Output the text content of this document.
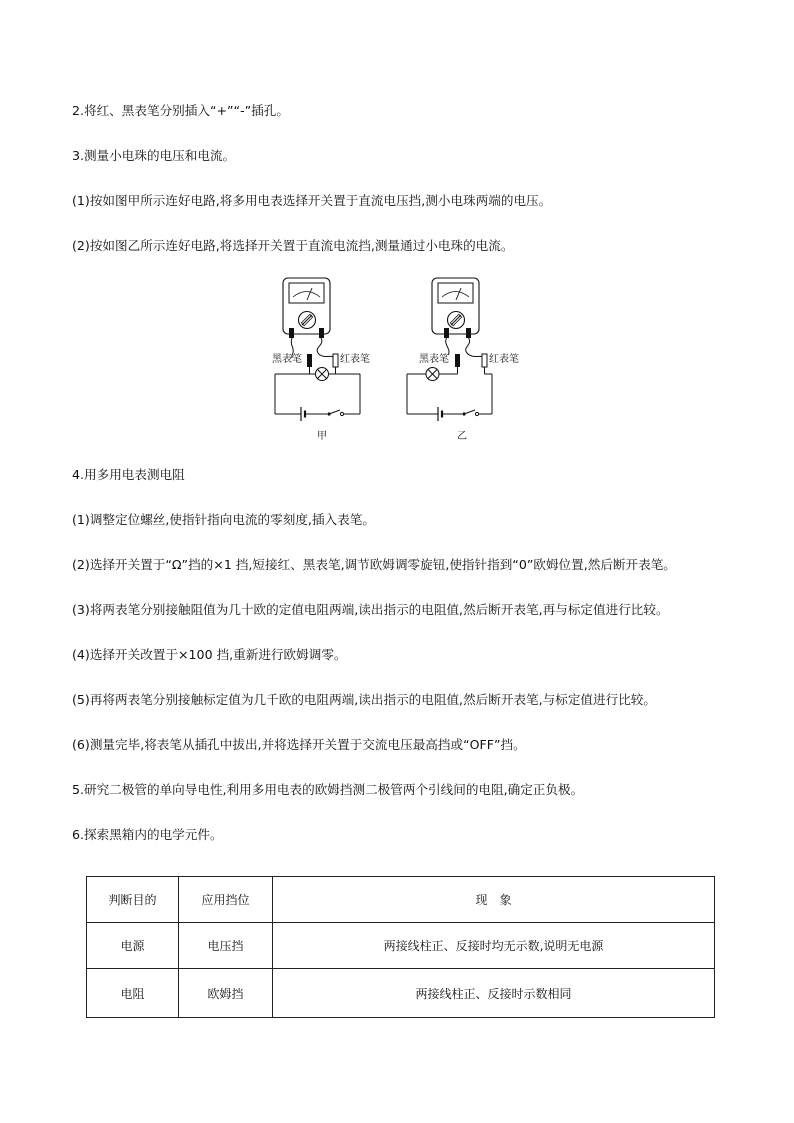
2.将红、黑表笔分别插入“+”“-”插孔。
3.测量小电珠的电压和电流。
(1)按如图甲所示连好电路,将多用电表选择开关置于直流电压挡,测小电珠两端的电压。
(2)按如图乙所示连好电路,将选择开关置于直流电流挡,测量通过小电珠的电流。
黑表笔	红表笔	黑表笔	红表笔
甲	乙
4.用多用电表测电阻
(1)调整定位螺丝,使指针指向电流的零刻度,插入表笔。
(2)选择开关置于“Ω”挡的×1 挡,短接红、黑表笔,调节欧姆调零旋钮,使指针指到“0”欧姆位置,然后断开表笔。
(3)将两表笔分别接触阻值为几十欧的定值电阻两端,读出指示的电阻值,然后断开表笔,再与标定值进行比较。
(4)选择开关改置于×100 挡,重新进行欧姆调零。
(5)再将两表笔分别接触标定值为几千欧的电阻两端,读出指示的电阻值,然后断开表笔,与标定值进行比较。
(6)测量完毕,将表笔从插孔中拔出,并将选择开关置于交流电压最高挡或“OFF”挡。
5.研究二极管的单向导电性,利用多用电表的欧姆挡测二极管两个引线间的电阻,确定正负极。
6.探索黑箱内的电学元件。
判断目的	应用挡位	现　象
电源	电压挡	两接线柱正、反接时均无示数,说明无电源
电阻	欧姆挡	两接线柱正、反接时示数相同
